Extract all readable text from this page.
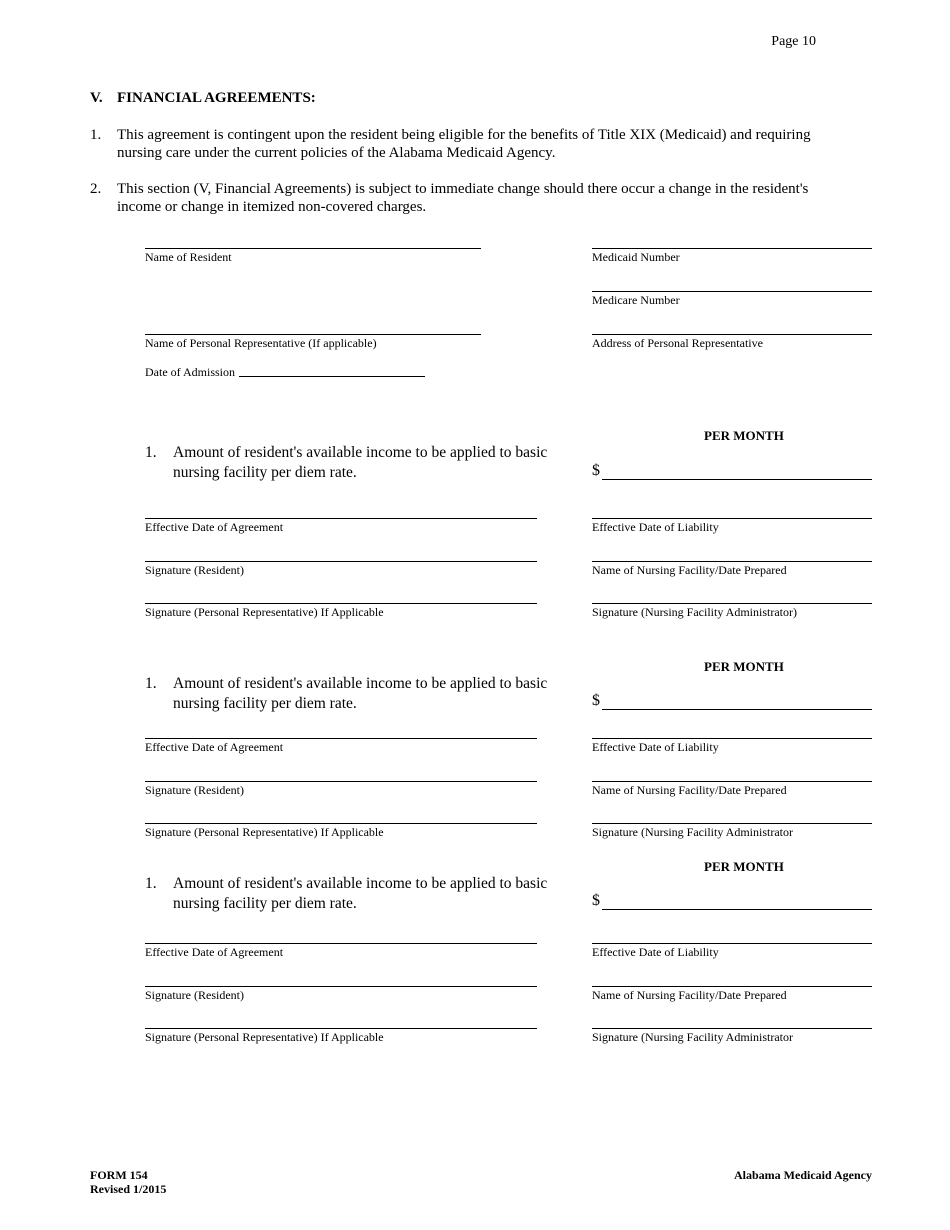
Page 10
V. FINANCIAL AGREEMENTS:
1. This agreement is contingent upon the resident being eligible for the benefits of Title XIX (Medicaid) and requiring nursing care under the current policies of the Alabama Medicaid Agency.
2. This section (V, Financial Agreements) is subject to immediate change should there occur a change in the resident's income or change in itemized non-covered charges.
Name of Resident	Medicaid Number
Medicare Number
Name of Personal Representative (If applicable)	Address of Personal Representative
Date of Admission
PER MONTH
1. Amount of resident's available income to be applied to basic nursing facility per diem rate.	$
Effective Date of Agreement	Effective Date of Liability
Signature (Resident)	Name of Nursing Facility/Date Prepared
Signature (Personal Representative) If Applicable	Signature (Nursing Facility Administrator)
PER MONTH
1. Amount of resident's available income to be applied to basic nursing facility per diem rate.	$
Effective Date of Agreement	Effective Date of Liability
Signature (Resident)	Name of Nursing Facility/Date Prepared
Signature (Personal Representative) If Applicable	Signature (Nursing Facility Administrator
PER MONTH
1. Amount of resident's available income to be applied to basic nursing facility per diem rate.	$
Effective Date of Agreement	Effective Date of Liability
Signature (Resident)	Name of Nursing Facility/Date Prepared
Signature (Personal Representative) If Applicable	Signature (Nursing Facility Administrator
FORM 154
Revised 1/2015
Alabama Medicaid Agency
